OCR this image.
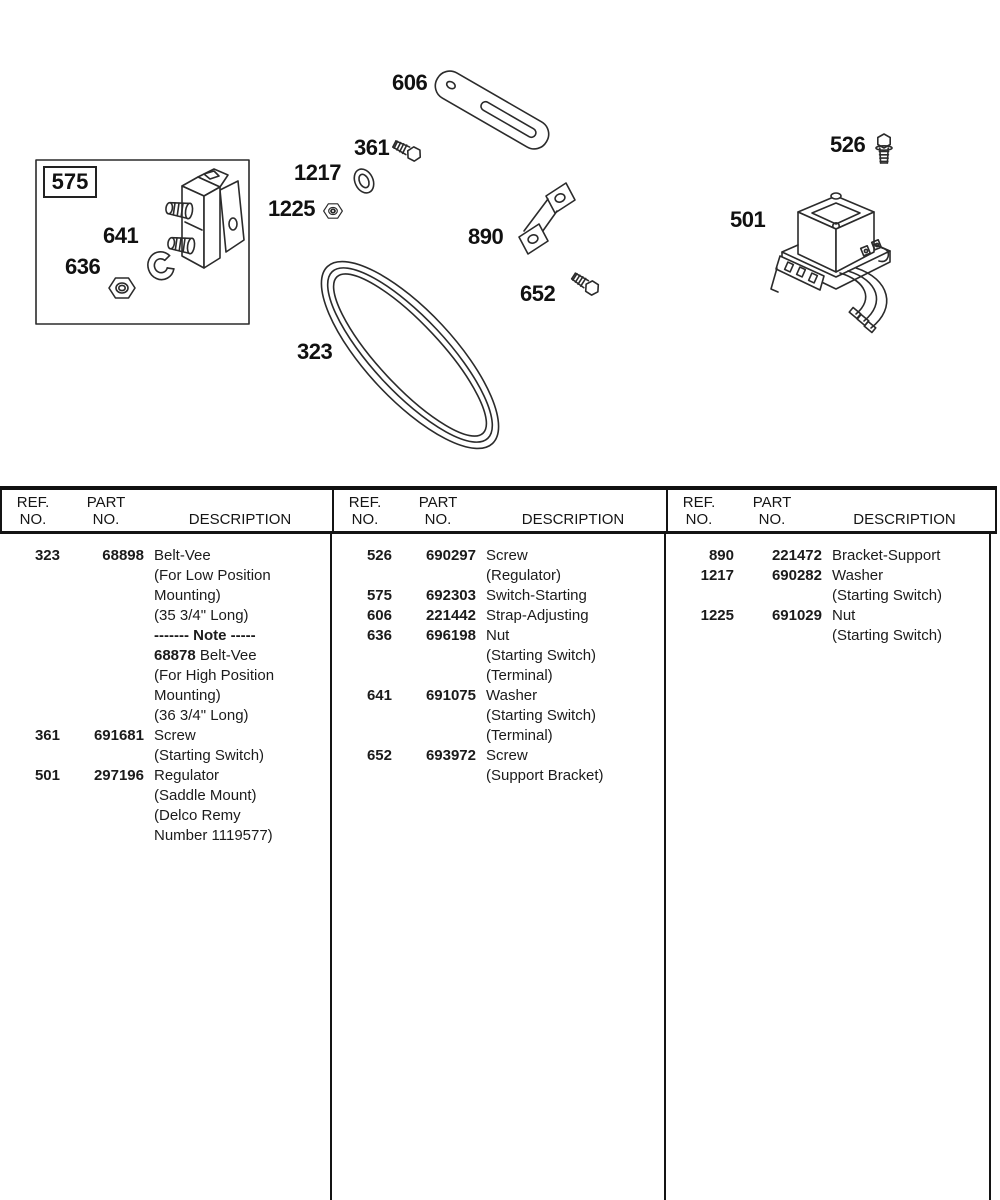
575
641
636
606
361
1217
1225
890
652
323
526
501
REF.
NO.
PART
NO.	DESCRIPTION
REF.
NO.
PART
NO.	DESCRIPTION
REF.
NO.
PART
NO.	DESCRIPTION
323	68898 Belt-Vee
(For Low Position
Mounting)
(35 3/4" Long)
------- Note -----
68878 Belt-Vee
(For High Position
Mounting)
(36 3/4" Long)
361	691681 Screw
(Starting Switch)
501	297196 Regulator
(Saddle Mount)
(Delco Remy
Number 1119577)
526	690297 Screw
(Regulator)
575	692303 Switch-Starting
606	221442 Strap-Adjusting
636	696198 Nut
(Starting Switch)
(Terminal)
641	691075 Washer
(Starting Switch)
(Terminal)
652	693972 Screw
(Support Bracket)
890	221472 Bracket-Support
1217	690282 Washer
(Starting Switch)
1225	691029 Nut
(Starting Switch)
